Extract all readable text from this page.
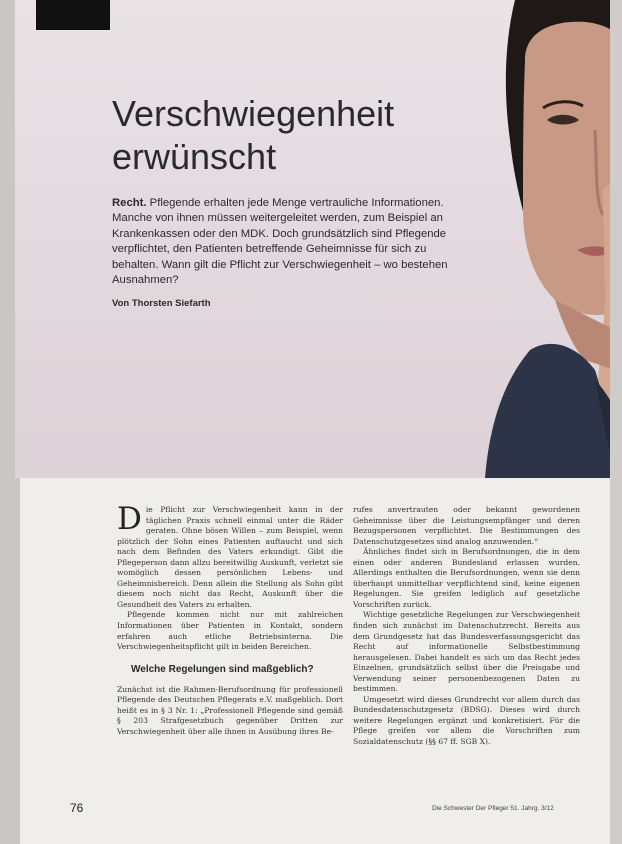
Verschwiegenheit
erwünscht

Recht. Pflegende erhalten jede Menge vertrauliche Informationen. Manche von ihnen müssen weitergeleitet werden, zum Beispiel an Krankenkassen oder den MDK. Doch grundsätzlich sind Pflegende verpflichtet, den Patienten betreffende Geheimnisse für sich zu behalten. Wann gilt die Pflicht zur Verschwiegenheit – wo bestehen Ausnahmen?

Von Thorsten Siefarth

Die Pflicht zur Verschwiegenheit kann in der täglichen Praxis schnell einmal unter die Räder geraten. Ohne bösen Willen – zum Beispiel, wenn plötzlich der Sohn eines Patienten auftaucht und sich nach dem Befinden des Vaters erkundigt. Gibt die Pflegeperson dann allzu bereitwillig Auskunft, verletzt sie womöglich dessen persönlichen Lebens- und Geheimnisbereich. Denn allein die Stellung als Sohn gibt diesem noch nicht das Recht, Auskunft über die Gesundheit des Vaters zu erhalten.

Pflegende kommen nicht nur mit zahlreichen Informationen über Patienten in Kontakt, sondern erfahren auch etliche Betriebsinterna. Die Verschwiegenheitspflicht gilt in beiden Bereichen.

Welche Regelungen sind maßgeblich?

Zunächst ist die Rahmen-Berufsordnung für professionell Pflegende des Deutschen Pflegerats e.V. maßgeblich. Dort heißt es in § 3 Nr. 1: „Professionell Pflegende sind gemäß § 203 Strafgesetzbuch gegenüber Dritten zur Verschwiegenheit über alle ihnen in Ausübung ihres Be-

rufes anvertrauten oder bekannt gewordenen Geheimnisse über die Leistungsempfänger und deren Bezugspersonen verpflichtet. Die Bestimmungen des Datenschutzgesetzes sind analog anzuwenden.“

Ähnliches findet sich in Berufsordnungen, die in dem einen oder anderen Bundesland erlassen wurden. Allerdings enthalten die Berufsordnungen, wenn sie denn überhaupt unmittelbar verpflichtend sind, keine eigenen Regelungen. Sie greifen lediglich auf gesetzliche Vorschriften zurück.

Wichtige gesetzliche Regelungen zur Verschwiegenheit finden sich zunächst im Datenschutzrecht. Bereits aus dem Grundgesetz hat das Bundesverfassungsgericht das Recht auf informationelle Selbstbestimmung herausgelesen. Dabei handelt es sich um das Recht jedes Einzelnen, grundsätzlich selbst über die Preisgabe und Verwendung seiner personenbezogenen Daten zu bestimmen.

Umgesetzt wird dieses Grundrecht vor allem durch das Bundesdatenschutzgesetz (BDSG). Dieses wird durch weitere Regelungen ergänzt und konkretisiert. Für die Pflege greifen vor allem die Vorschriften zum Sozialdatenschutz (§§ 67 ff. SGB X).

76	Die Schwester Der Pfleger 51. Jahrg. 3/12
